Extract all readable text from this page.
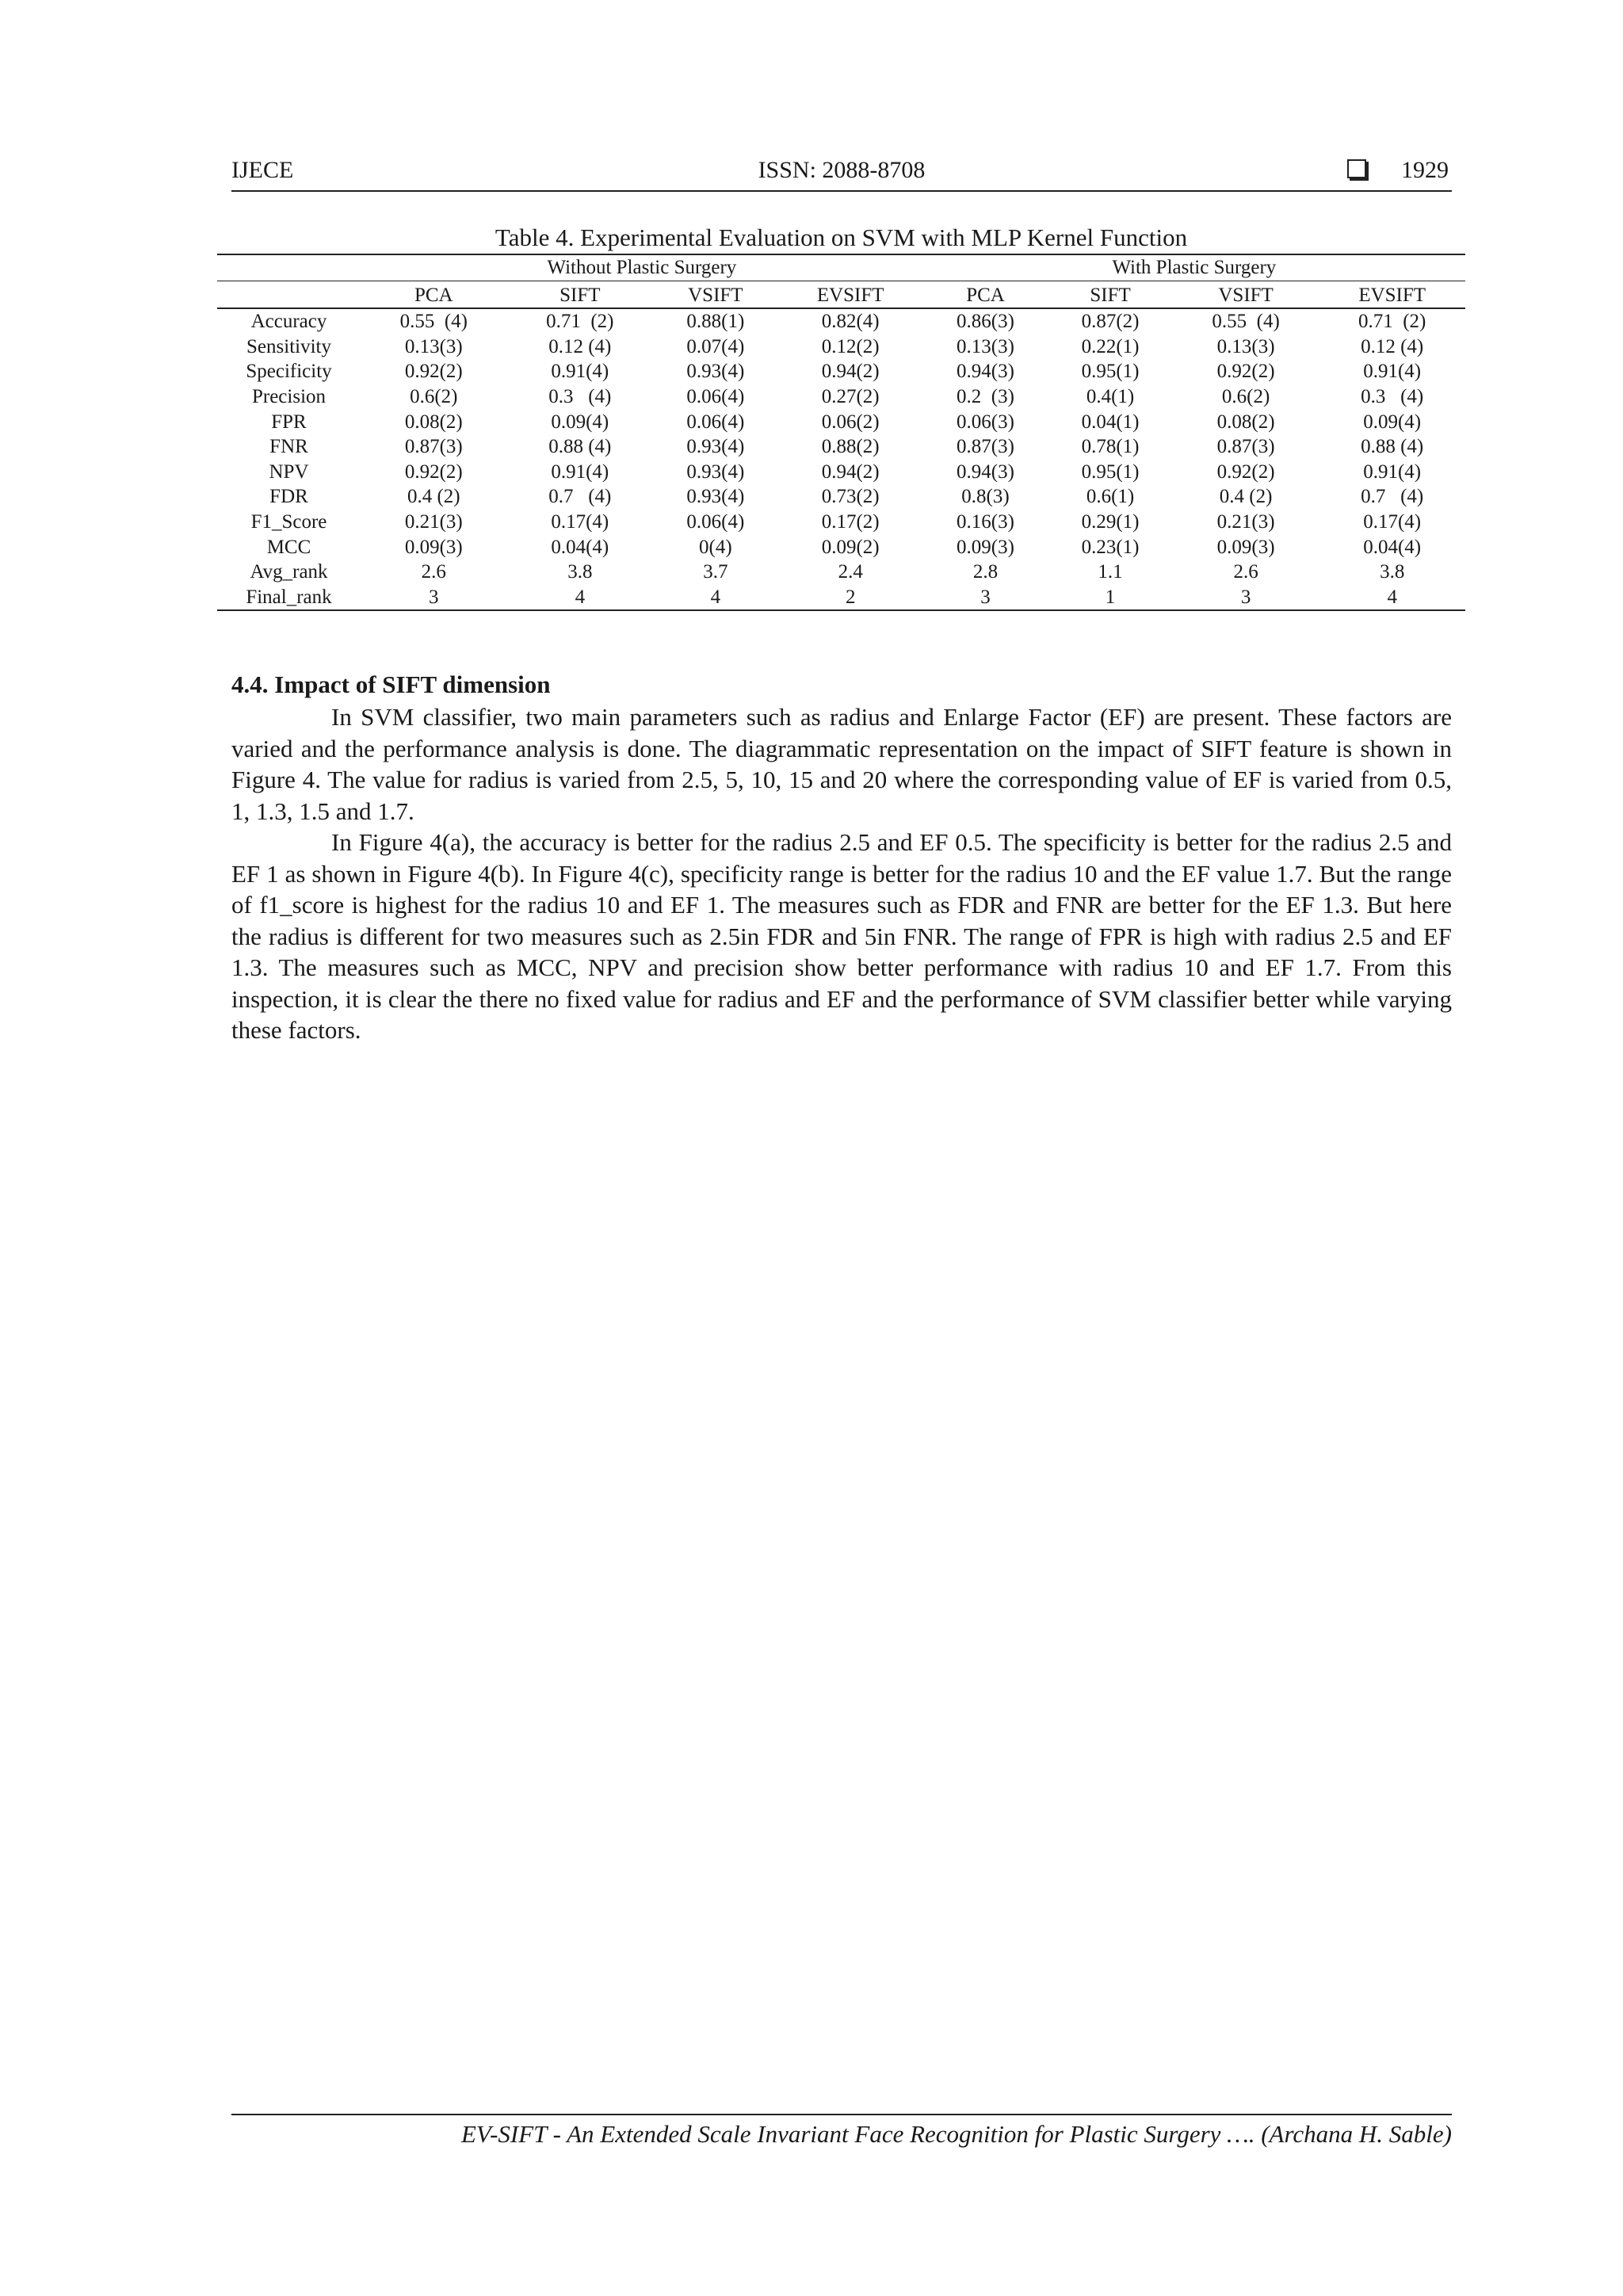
IJECE	ISSN: 2088-8708	1929
Table 4. Experimental Evaluation on SVM with MLP Kernel Function
	Without Plastic Surgery				With Plastic Surgery			
	PCA	SIFT	VSIFT	EVSIFT	PCA	SIFT	VSIFT	EVSIFT
Accuracy	0.55  (4)	0.71  (2)	0.88(1)	0.82(4)	0.86(3)	0.87(2)	0.55  (4)	0.71  (2)
Sensitivity	0.13(3)	0.12 (4)	0.07(4)	0.12(2)	0.13(3)	0.22(1)	0.13(3)	0.12 (4)
Specificity	0.92(2)	0.91(4)	0.93(4)	0.94(2)	0.94(3)	0.95(1)	0.92(2)	0.91(4)
Precision	0.6(2)	0.3   (4)	0.06(4)	0.27(2)	0.2  (3)	0.4(1)	0.6(2)	0.3   (4)
FPR	0.08(2)	0.09(4)	0.06(4)	0.06(2)	0.06(3)	0.04(1)	0.08(2)	0.09(4)
FNR	0.87(3)	0.88 (4)	0.93(4)	0.88(2)	0.87(3)	0.78(1)	0.87(3)	0.88 (4)
NPV	0.92(2)	0.91(4)	0.93(4)	0.94(2)	0.94(3)	0.95(1)	0.92(2)	0.91(4)
FDR	0.4 (2)	0.7   (4)	0.93(4)	0.73(2)	0.8(3)	0.6(1)	0.4 (2)	0.7   (4)
F1_Score	0.21(3)	0.17(4)	0.06(4)	0.17(2)	0.16(3)	0.29(1)	0.21(3)	0.17(4)
MCC	0.09(3)	0.04(4)	0(4)	0.09(2)	0.09(3)	0.23(1)	0.09(3)	0.04(4)
Avg_rank	2.6	3.8	3.7	2.4	2.8	1.1	2.6	3.8
Final_rank	3	4	4	2	3	1	3	4
4.4. Impact of SIFT dimension

In SVM classifier, two main parameters such as radius and Enlarge Factor (EF) are present. These factors are varied and the performance analysis is done. The diagrammatic representation on the impact of SIFT feature is shown in Figure 4. The value for radius is varied from 2.5, 5, 10, 15 and 20 where the corresponding value of EF is varied from 0.5, 1, 1.3, 1.5 and 1.7.

In Figure 4(a), the accuracy is better for the radius 2.5 and EF 0.5. The specificity is better for the radius 2.5 and EF 1 as shown in Figure 4(b). In Figure 4(c), specificity range is better for the radius 10 and the EF value 1.7. But the range of f1_score is highest for the radius 10 and EF 1. The measures such as FDR and FNR are better for the EF 1.3. But here the radius is different for two measures such as 2.5in FDR and 5in FNR. The range of FPR is high with radius 2.5 and EF 1.3. The measures such as MCC, NPV and precision show better performance with radius 10 and EF 1.7. From this inspection, it is clear the there no fixed value for radius and EF and the performance of SVM classifier better while varying these factors.

EV-SIFT - An Extended Scale Invariant Face Recognition for Plastic Surgery …. (Archana H. Sable)
